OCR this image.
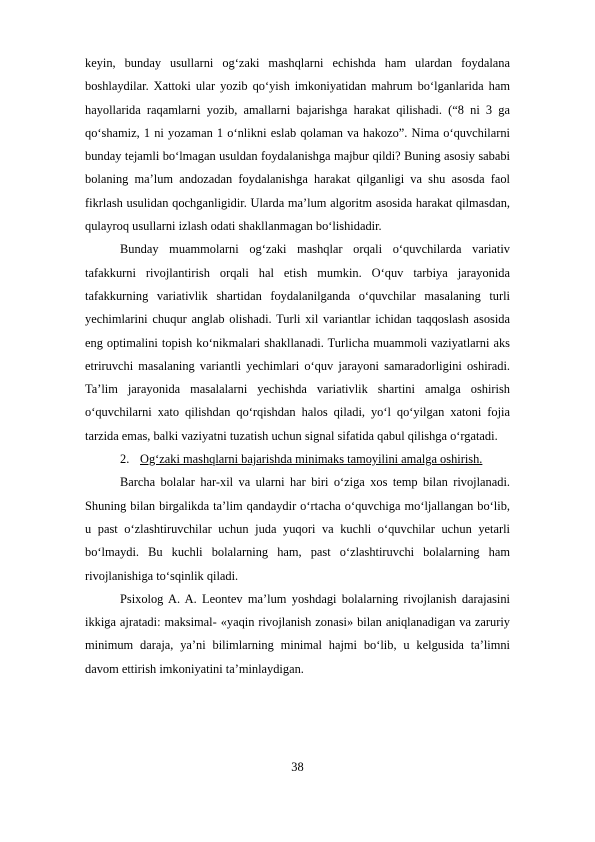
keyin, bunday usullarni og‘zaki mashqlarni echishda ham ulardan foydalana boshlaydilar. Xattoki ular yozib qo‘yish imkoniyatidan mahrum bo‘lganlarida ham hayollarida raqamlarni yozib, amallarni bajarishga harakat qilishadi. (“8 ni 3 ga qo‘shamiz, 1 ni yozaman 1 o‘nlikni eslab qolaman va hakozo”. Nima o‘quvchilarni bunday tejamli bo‘lmagan usuldan foydalanishga majbur qildi? Buning asosiy sababi bolaning ma’lum andozadan foydalanishga harakat qilganligi va shu asosda faol fikrlash usulidan qochganligidir. Ularda ma’lum algoritm asosida harakat qilmasdan, qulayroq usullarni izlash odati shakllanmagan bo‘lishidadir.

Bunday muammolarni og‘zaki mashqlar orqali o‘quvchilarda variativ tafakkurni rivojlantirish orqali hal etish mumkin. O‘quv tarbiya jarayonida tafakkurning variativlik shartidan foydalanilganda o‘quvchilar masalaning turli yechimlarini chuqur anglab olishadi. Turli xil variantlar ichidan taqqoslash asosida eng optimalini topish ko‘nikmalari shakllanadi. Turlicha muammoli vaziyatlarni aks etriruvchi masalaning variantli yechimlari o‘quv jarayoni samaradorligini oshiradi. Ta’lim jarayonida masalalarni yechishda variativlik shartini amalga oshirish o‘quvchilarni xato qilishdan qo‘rqishdan halos qiladi, yo‘l qo‘yilgan xatoni fojia tarzida emas, balki vaziyatni tuzatish uchun signal sifatida qabul qilishga o‘rgatadi.

2. Og‘zaki mashqlarni bajarishda minimaks tamoyilini amalga oshirish.

Barcha bolalar har-xil va ularni har biri o‘ziga xos temp bilan rivojlanadi. Shuning bilan birgalikda ta’lim qandaydir o‘rtacha o‘quvchiga mo‘ljallangan bo‘lib, u past o‘zlashtiruvchilar uchun juda yuqori va kuchli o‘quvchilar uchun yetarli bo‘lmaydi. Bu kuchli bolalarning ham, past o‘zlashtiruvchi bolalarning ham rivojlanishiga to‘sqinlik qiladi.

Psixolog A. A. Leontev ma’lum yoshdagi bolalarning rivojlanish darajasini ikkiga ajratadi: maksimal- «yaqin rivojlanish zonasi» bilan aniqlanadigan va zaruriy minimum daraja, ya’ni bilimlarning minimal hajmi bo‘lib, u kelgusida ta’limni davom ettirish imkoniyatini ta’minlaydigan.

38
